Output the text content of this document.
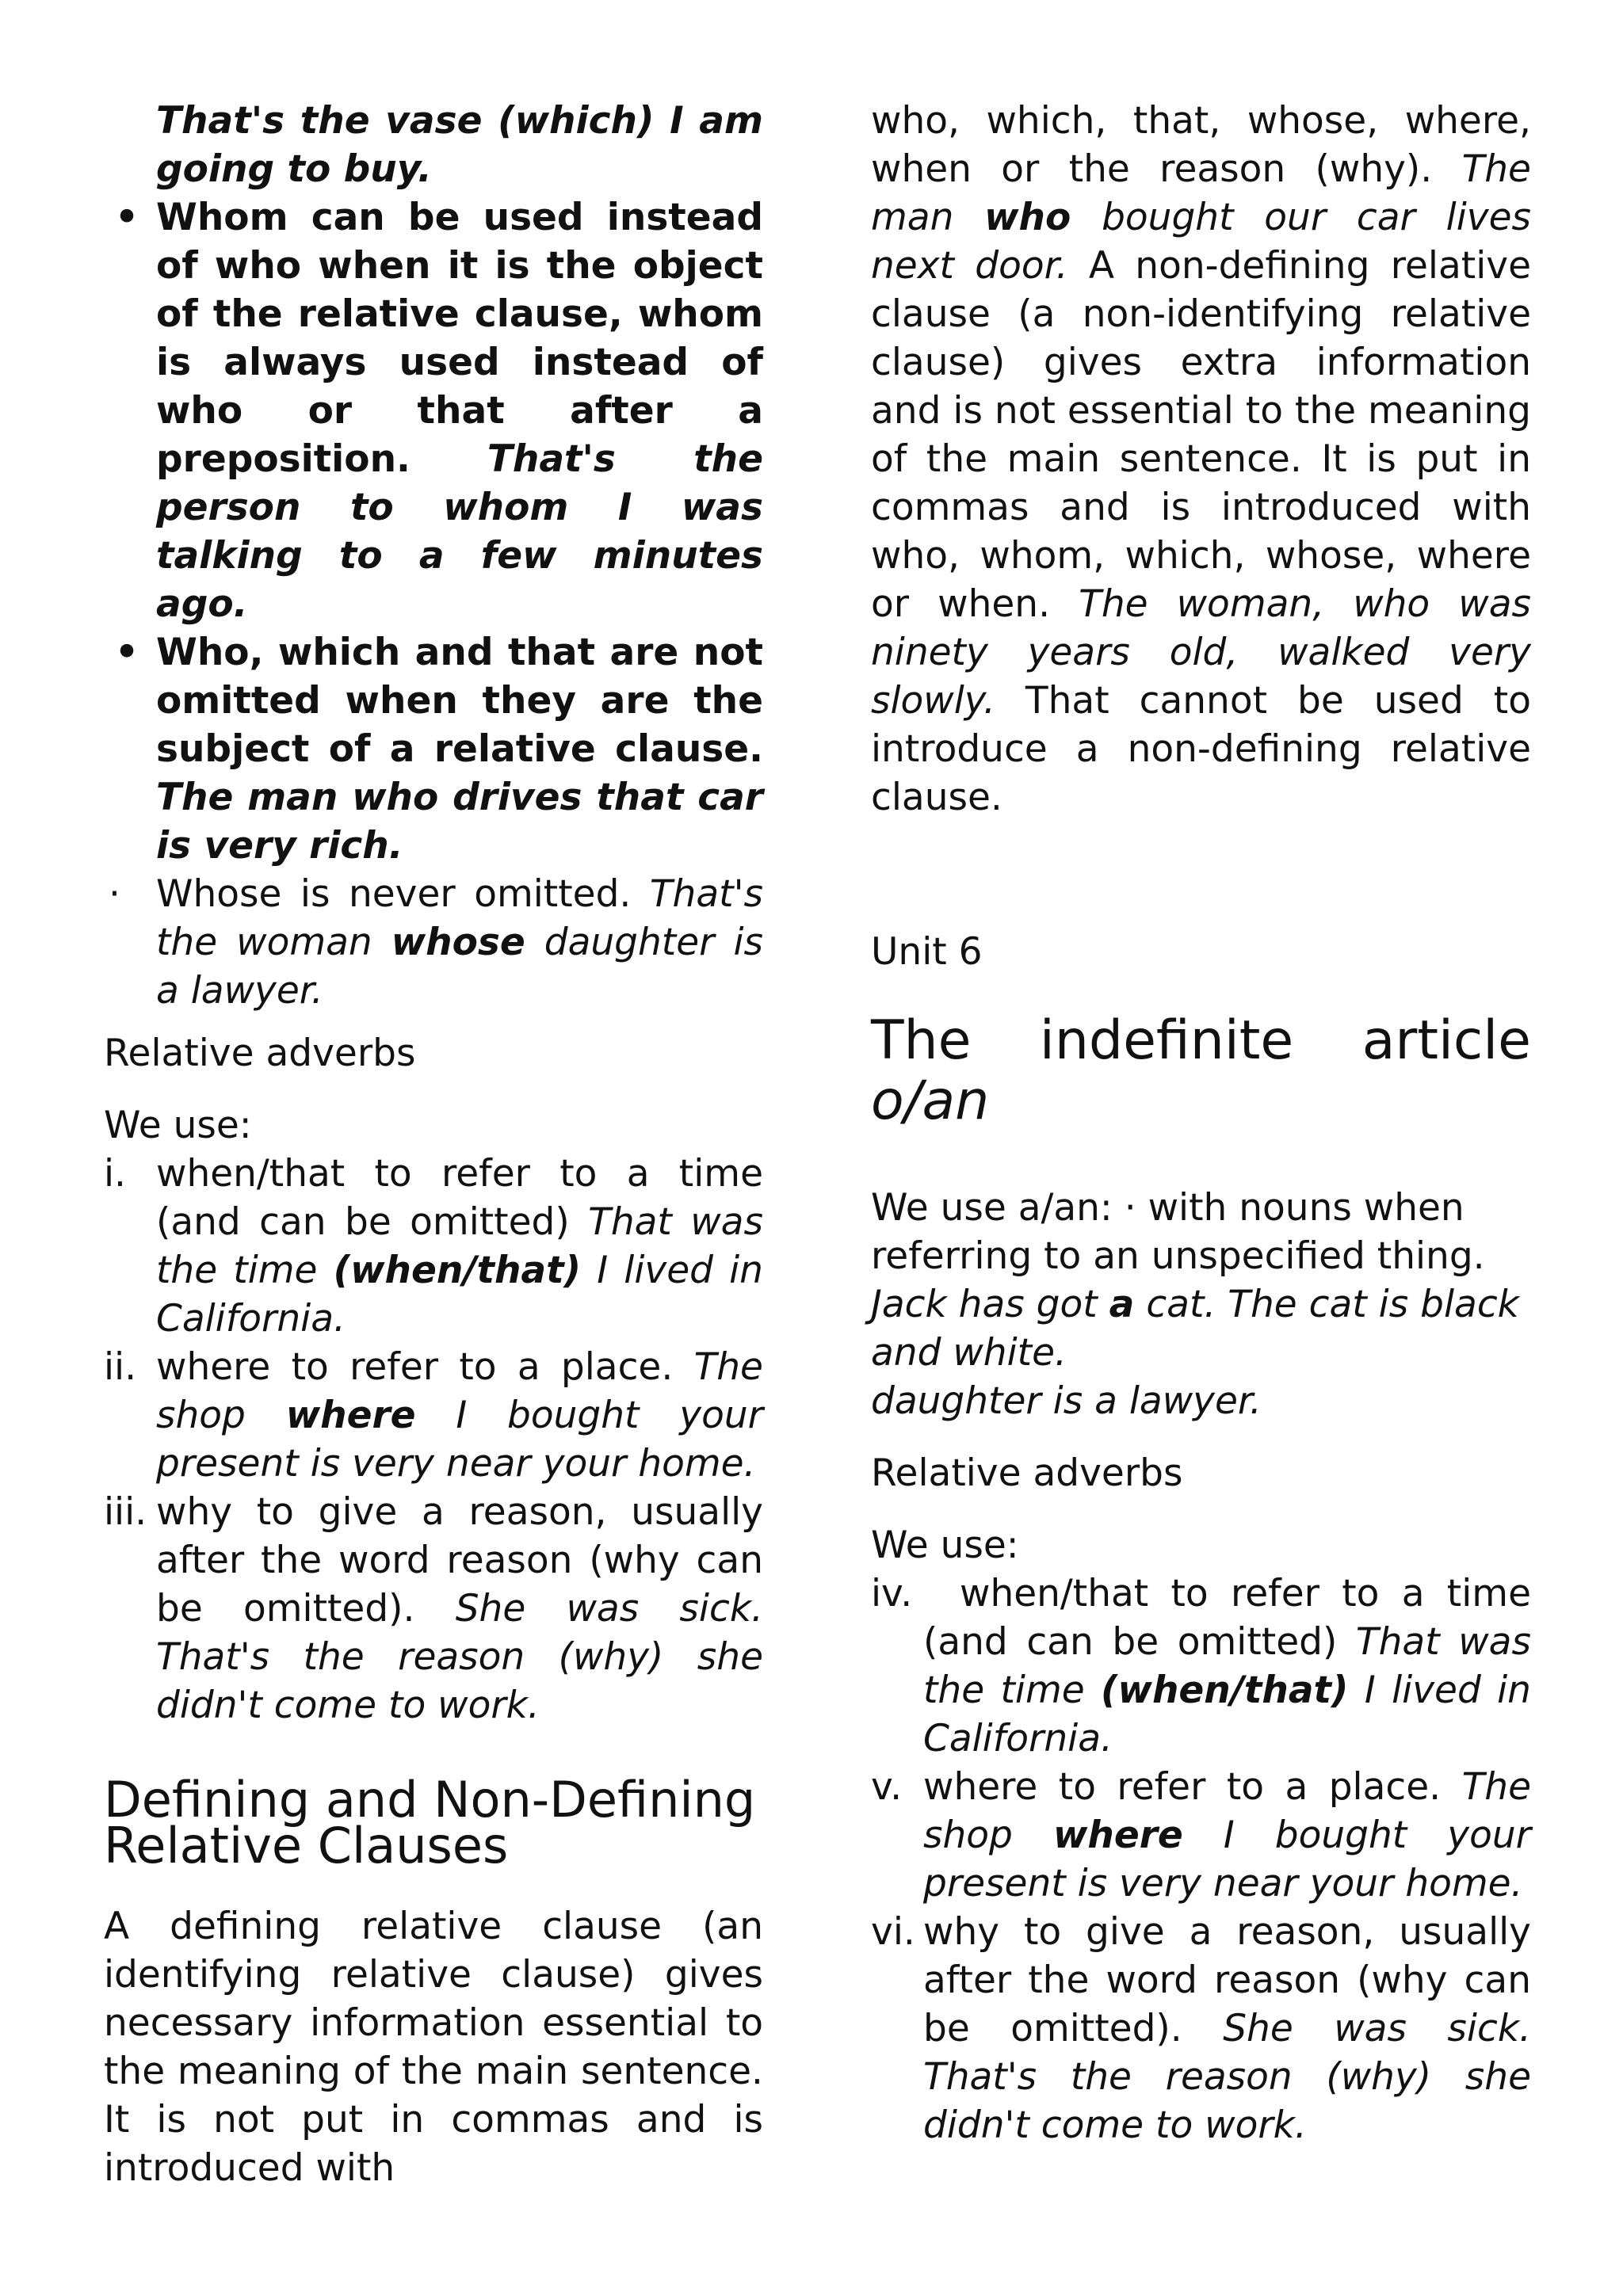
That's the vase (which) I am going to buy.

• Whom can be used instead of who when it is the object of the relative clause, whom is always used instead of who or that after a preposition. That's the person to whom I was talking to a few minutes ago.
• Who, which and that are not omitted when they are the subject of a relative clause. The man who drives that car is very rich.
· Whose is never omitted. That's the woman whose daughter is a lawyer.

Relative adverbs

We use:

i. when/that to refer to a time (and can be omitted) That was the time (when/that) I lived in California.
ii. where to refer to a place. The shop where I bought your present is very near your home.
iii. why to give a reason, usually after the word reason (why can be omitted). She was sick. That's the reason (why) she didn't come to work.
Defining and Non-Defining Relative Clauses

A defining relative clause (an identifying relative clause) gives necessary information essential to the meaning of the main sentence. It is not put in commas and is introduced with

who, which, that, whose, where, when or the reason (why). The man who bought our car lives next door. A non-defining relative clause (a non-identifying relative clause) gives extra information and is not essential to the meaning of the main sentence. It is put in commas and is introduced with who, whom, which, whose, where or when. The woman, who was ninety years old, walked very slowly. That cannot be used to introduce a non-defining relative clause.

Unit 6

The indefinite article
o/an

We use a/an: · with nouns when referring to an unspecified thing. Jack has got a cat. The cat is black and white.

daughter is a lawyer.

Relative adverbs

We use:

iv. when/that to refer to a time (and can be omitted) That was the time (when/that) I lived in California.
v. where to refer to a place. The shop where I bought your present is very near your home.
vi. why to give a reason, usually after the word reason (why can be omitted). She was sick. That's the reason (why) she didn't come to work.
